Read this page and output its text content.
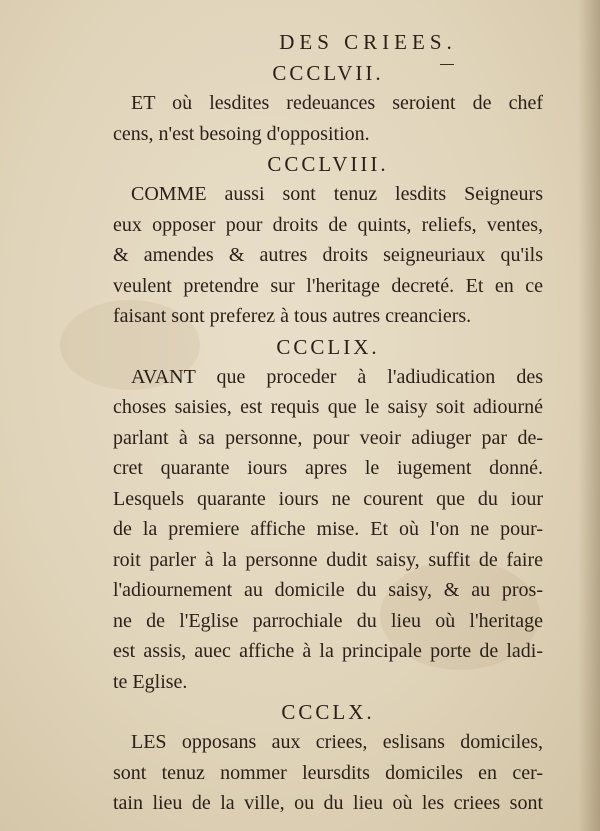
DES CRIEES.
CCCLVII.

ET où lesdites redeuances seroient de chef
cens, n'est besoing d'opposition.

CCCLVIII.

COMME aussi sont tenuz lesdits Seigneurs
eux opposer pour droits de quints, reliefs, ventes,
& amendes & autres droits seigneuriaux qu'ils
veulent pretendre sur l'heritage decreté. Et en ce
faisant sont preferez à tous autres creanciers.

CCCLIX.

AVANT que proceder à l'adiudication des
choses saisies, est requis que le saisy soit adiourné
parlant à sa personne, pour veoir adiuger par de-
cret quarante iours apres le iugement donné.
Lesquels quarante iours ne courent que du iour
de la premiere affiche mise. Et où l'on ne pour-
roit parler à la personne dudit saisy, suffit de faire
l'adiournement au domicile du saisy, & au pros-
ne de l'Eglise parrochiale du lieu où l'heritage
est assis, auec affiche à la principale porte de ladi-
te Eglise.

CCCLX.

LES opposans aux criees, eslisans domiciles,
sont tenuz nommer leursdits domiciles en cer-
tain lieu de la ville, ou du lieu où les criees sont
